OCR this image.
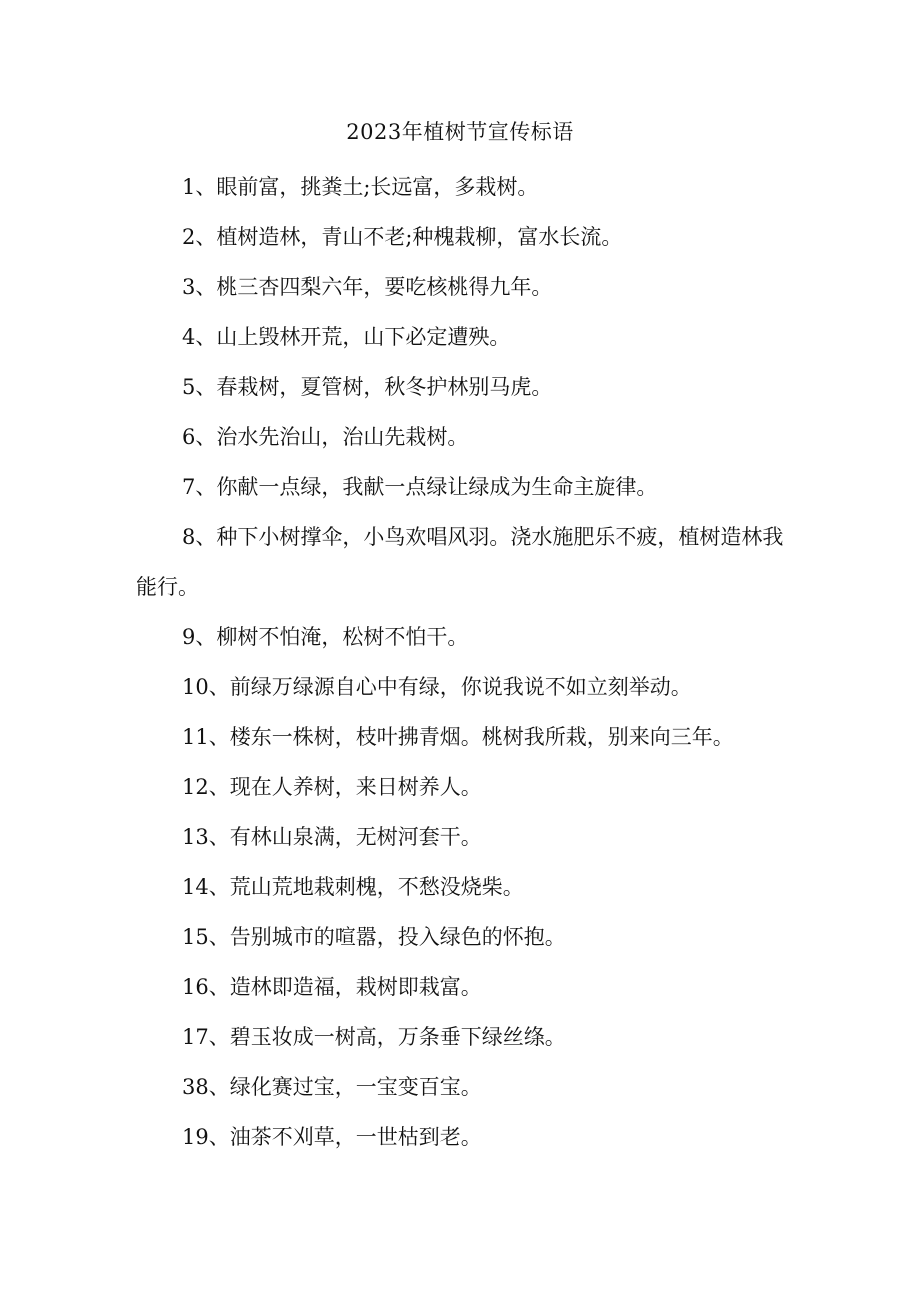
2023年植树节宣传标语
1、眼前富，挑粪土;长远富，多栽树。
2、植树造林，青山不老;种槐栽柳，富水长流。
3、桃三杏四梨六年，要吃核桃得九年。
4、山上毁林开荒，山下必定遭殃。
5、春栽树，夏管树，秋冬护林别马虎。
6、治水先治山，治山先栽树。
7、你献一点绿，我献一点绿让绿成为生命主旋律。
8、种下小树撑伞，小鸟欢唱风羽。浇水施肥乐不疲，植树造林我能行。
9、柳树不怕淹，松树不怕干。
10、前绿万绿源自心中有绿，你说我说不如立刻举动。
11、楼东一株树，枝叶拂青烟。桃树我所栽，别来向三年。
12、现在人养树，来日树养人。
13、有林山泉满，无树河套干。
14、荒山荒地栽刺槐，不愁没烧柴。
15、告别城市的喧嚣，投入绿色的怀抱。
16、造林即造福，栽树即栽富。
17、碧玉妆成一树高，万条垂下绿丝绦。
38、绿化赛过宝，一宝变百宝。
19、油茶不刈草，一世枯到老。
